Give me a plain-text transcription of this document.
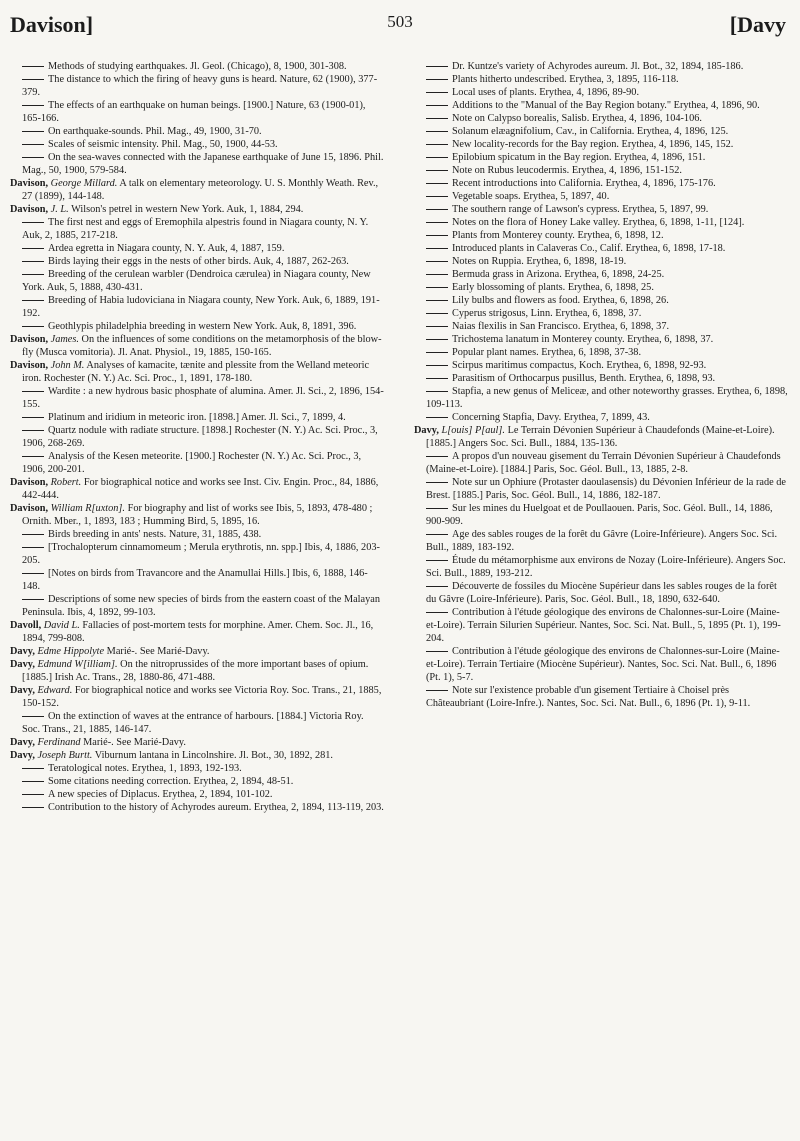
Davison]	503	[Davy

Methods of studying earthquakes. Jl. Geol. (Chicago), 8, 1900, 301-308.

The distance to which the firing of heavy guns is heard. Nature, 62 (1900), 377-379.

The effects of an earthquake on human beings. [1900.] Nature, 63 (1900-01), 165-166.

On earthquake-sounds. Phil. Mag., 49, 1900, 31-70.

Scales of seismic intensity. Phil. Mag., 50, 1900, 44-53.

On the sea-waves connected with the Japanese earthquake of June 15, 1896. Phil. Mag., 50, 1900, 579-584.

Davison, George Millard. A talk on elementary meteorology. U. S. Monthly Weath. Rev., 27 (1899), 144-148.

Davison, J. L. Wilson's petrel in western New York. Auk, 1, 1884, 294.

The first nest and eggs of Eremophila alpestris found in Niagara county, N. Y. Auk, 2, 1885, 217-218.

Ardea egretta in Niagara county, N. Y. Auk, 4, 1887, 159.

Birds laying their eggs in the nests of other birds. Auk, 4, 1887, 262-263.

Breeding of the cerulean warbler (Dendroica cærulea) in Niagara county, New York. Auk, 5, 1888, 430-431.

Breeding of Habia ludoviciana in Niagara county, New York. Auk, 6, 1889, 191-192.

Geothlypis philadelphia breeding in western New York. Auk, 8, 1891, 396.

Davison, James. On the influences of some conditions on the metamorphosis of the blow-fly (Musca vomitoria). Jl. Anat. Physiol., 19, 1885, 150-165.

Davison, John M. Analyses of kamacite, tænite and plessite from the Welland meteoric iron. Rochester (N. Y.) Ac. Sci. Proc., 1, 1891, 178-180.

Wardite : a new hydrous basic phosphate of alumina. Amer. Jl. Sci., 2, 1896, 154-155.

Platinum and iridium in meteoric iron. [1898.] Amer. Jl. Sci., 7, 1899, 4.

Quartz nodule with radiate structure. [1898.] Rochester (N. Y.) Ac. Sci. Proc., 3, 1906, 268-269.

Analysis of the Kesen meteorite. [1900.] Rochester (N. Y.) Ac. Sci. Proc., 3, 1906, 200-201.

Davison, Robert. For biographical notice and works see Inst. Civ. Engin. Proc., 84, 1886, 442-444.

Davison, William R[uxton]. For biography and list of works see Ibis, 5, 1893, 478-480 ; Ornith. Mber., 1, 1893, 183 ; Humming Bird, 5, 1895, 16.

Birds breeding in ants' nests. Nature, 31, 1885, 438.

[Trochalopterum cinnamomeum ; Merula erythrotis, nn. spp.] Ibis, 4, 1886, 203-205.

[Notes on birds from Travancore and the Anamullai Hills.] Ibis, 6, 1888, 146-148.

Descriptions of some new species of birds from the eastern coast of the Malayan Peninsula. Ibis, 4, 1892, 99-103.

Davoll, David L. Fallacies of post-mortem tests for morphine. Amer. Chem. Soc. Jl., 16, 1894, 799-808.

Davy, Edme Hippolyte Marié-. See Marié-Davy.

Davy, Edmund W[illiam]. On the nitroprussides of the more important bases of opium. [1885.] Irish Ac. Trans., 28, 1880-86, 471-488.

Davy, Edward. For biographical notice and works see Victoria Roy. Soc. Trans., 21, 1885, 150-152.

On the extinction of waves at the entrance of harbours. [1884.] Victoria Roy. Soc. Trans., 21, 1885, 146-147.

Davy, Ferdinand Marié-. See Marié-Davy.

Davy, Joseph Burtt. Viburnum lantana in Lincolnshire. Jl. Bot., 30, 1892, 281.

Teratological notes. Erythea, 1, 1893, 192-193.

Some citations needing correction. Erythea, 2, 1894, 48-51.

A new species of Diplacus. Erythea, 2, 1894, 101-102.

Contribution to the history of Achyrodes aureum. Erythea, 2, 1894, 113-119, 203.

Dr. Kuntze's variety of Achyrodes aureum. Jl. Bot., 32, 1894, 185-186.

Plants hitherto undescribed. Erythea, 3, 1895, 116-118.

Local uses of plants. Erythea, 4, 1896, 89-90.

Additions to the "Manual of the Bay Region botany." Erythea, 4, 1896, 90.

Note on Calypso borealis, Salisb. Erythea, 4, 1896, 104-106.

Solanum elæagnifolium, Cav., in California. Erythea, 4, 1896, 125.

New locality-records for the Bay region. Erythea, 4, 1896, 145, 152.

Epilobium spicatum in the Bay region. Erythea, 4, 1896, 151.

Note on Rubus leucodermis. Erythea, 4, 1896, 151-152.

Recent introductions into California. Erythea, 4, 1896, 175-176.

Vegetable soaps. Erythea, 5, 1897, 40.

The southern range of Lawson's cypress. Erythea, 5, 1897, 99.

Notes on the flora of Honey Lake valley. Erythea, 6, 1898, 1-11, [124].

Plants from Monterey county. Erythea, 6, 1898, 12.

Introduced plants in Calaveras Co., Calif. Erythea, 6, 1898, 17-18.

Notes on Ruppia. Erythea, 6, 1898, 18-19.

Bermuda grass in Arizona. Erythea, 6, 1898, 24-25.

Early blossoming of plants. Erythea, 6, 1898, 25.

Lily bulbs and flowers as food. Erythea, 6, 1898, 26.

Cyperus strigosus, Linn. Erythea, 6, 1898, 37.

Naias flexilis in San Francisco. Erythea, 6, 1898, 37.

Trichostema lanatum in Monterey county. Erythea, 6, 1898, 37.

Popular plant names. Erythea, 6, 1898, 37-38.

Scirpus maritimus compactus, Koch. Erythea, 6, 1898, 92-93.

Parasitism of Orthocarpus pusillus, Benth. Erythea, 6, 1898, 93.

Stapfia, a new genus of Meliceæ, and other noteworthy grasses. Erythea, 6, 1898, 109-113.

Concerning Stapfia, Davy. Erythea, 7, 1899, 43.

Davy, L[ouis] P[aul]. Le Terrain Dévonien Supérieur à Chaudefonds (Maine-et-Loire). [1885.] Angers Soc. Sci. Bull., 1884, 135-136.

A propos d'un nouveau gisement du Terrain Dévonien Supérieur à Chaudefonds (Maine-et-Loire). [1884.] Paris, Soc. Géol. Bull., 13, 1885, 2-8.

Note sur un Ophiure (Protaster daoulasensis) du Dévonien Inférieur de la rade de Brest. [1885.] Paris, Soc. Géol. Bull., 14, 1886, 182-187.

Sur les mines du Huelgoat et de Poullaouen. Paris, Soc. Géol. Bull., 14, 1886, 900-909.

Age des sables rouges de la forêt du Gâvre (Loire-Inférieure). Angers Soc. Sci. Bull., 1889, 183-192.

Étude du métamorphisme aux environs de Nozay (Loire-Inférieure). Angers Soc. Sci. Bull., 1889, 193-212.

Découverte de fossiles du Miocène Supérieur dans les sables rouges de la forêt du Gâvre (Loire-Inférieure). Paris, Soc. Géol. Bull., 18, 1890, 632-640.

Contribution à l'étude géologique des environs de Chalonnes-sur-Loire (Maine-et-Loire). Terrain Silurien Supérieur. Nantes, Soc. Sci. Nat. Bull., 5, 1895 (Pt. 1), 199-204.

Contribution à l'étude géologique des environs de Chalonnes-sur-Loire (Maine-et-Loire). Terrain Tertiaire (Miocène Supérieur). Nantes, Soc. Sci. Nat. Bull., 6, 1896 (Pt. 1), 5-7.

Note sur l'existence probable d'un gisement Tertiaire à Choisel près Châteaubriant (Loire-Infre.). Nantes, Soc. Sci. Nat. Bull., 6, 1896 (Pt. 1), 9-11.
